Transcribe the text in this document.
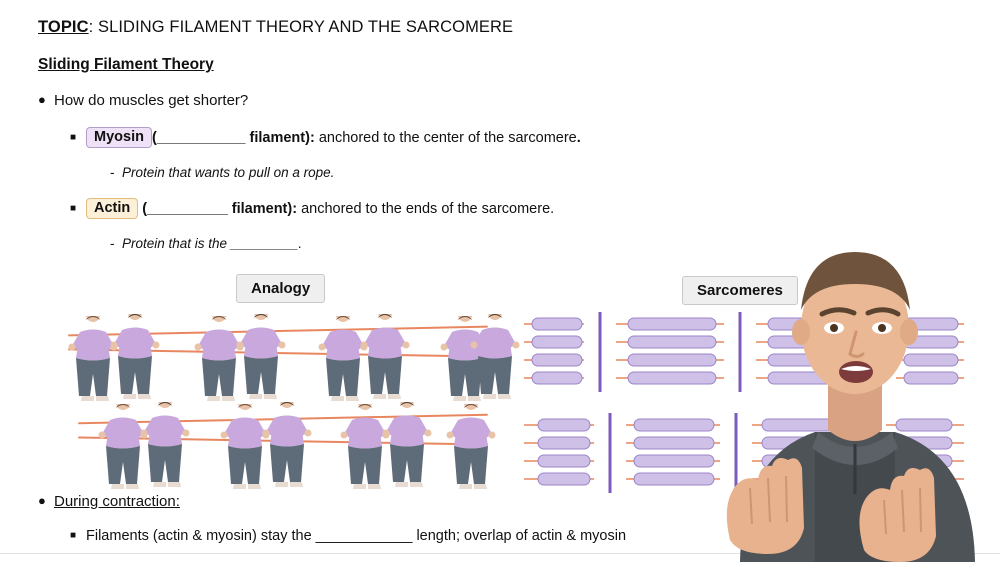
TOPIC: SLIDING FILAMENT THEORY AND THE SARCOMERE
Sliding Filament Theory
● How do muscles get shorter?
■ Myosin (___________ filament): anchored to the center of the sarcomere.
- Protein that wants to pull on a rope.
■ Actin (__________ filament): anchored to the ends of the sarcomere.
- Protein that is the _________.
Analogy	Sarcomeres
● During contraction:
■ Filaments (actin & myosin) stay the ____________ length; overlap of actin & myosin
